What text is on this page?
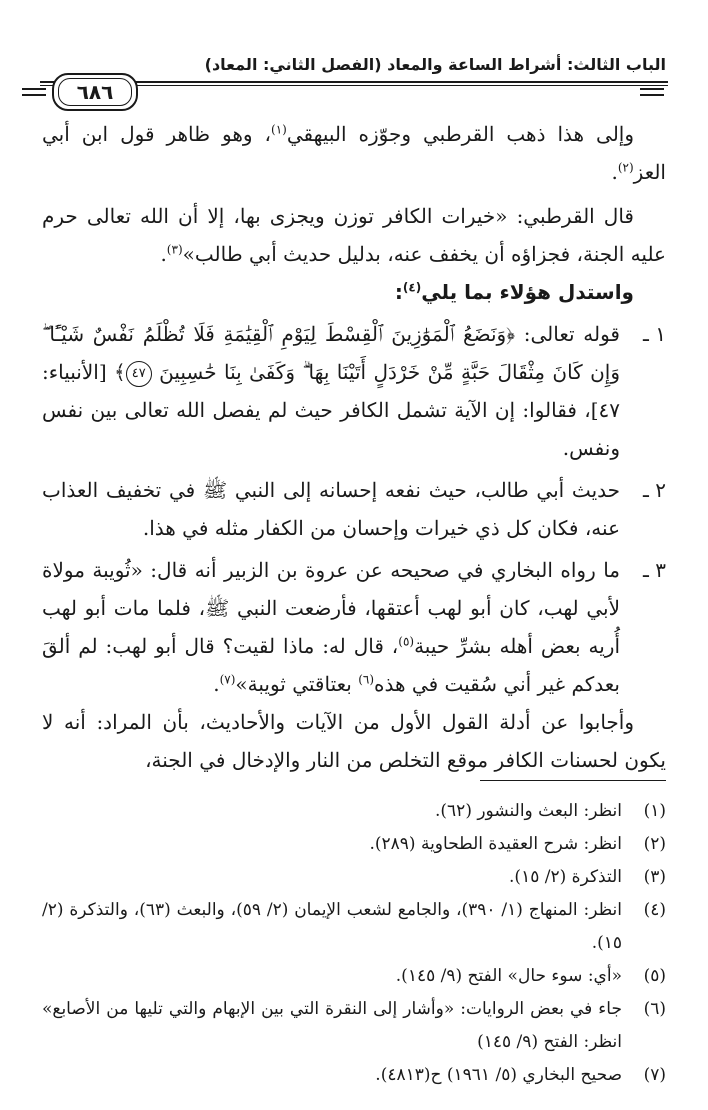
الباب الثالث: أشراط الساعة والمعاد (الفصل الثاني: المعاد)
٦٨٦

وإلى هذا ذهب القرطبي وجوّزه البيهقي$^{(١)}$، وهو ظاهر قول ابن أبي العز$^{(٢)}$.

قال القرطبي: «خيرات الكافر توزن ويجزى بها، إلا أن الله تعالى حرم عليه الجنة، فجزاؤه أن يخفف عنه، بدليل حديث أبي طالب»$^{(٣)}$.

واستدل هؤلاء بما يلي$^{(٤)}$:

١ ـ
قوله تعالى: ﴿وَنَضَعُ ٱلْمَوَٰزِينَ ٱلْقِسْطَ لِيَوْمِ ٱلْقِيَٰمَةِ فَلَا تُظْلَمُ نَفْسٌ شَيْـًٔا ۖ وَإِن كَانَ مِثْقَالَ حَبَّةٍ مِّنْ خَرْدَلٍ أَتَيْنَا بِهَا ۗ وَكَفَىٰ بِنَا حَٰسِبِينَ ٤٧﴾ [الأنبياء: ٤٧]، فقالوا: إن الآية تشمل الكافر حيث لم يفصل الله تعالى بين نفس ونفس.

٢ ـ
حديث أبي طالب، حيث نفعه إحسانه إلى النبي ﷺ في تخفيف العذاب عنه، فكان كل ذي خيرات وإحسان من الكفار مثله في هذا.

٣ ـ
ما رواه البخاري في صحيحه عن عروة بن الزبير أنه قال: «ثُويبة مولاة لأبي لهب، كان أبو لهب أعتقها، فأرضعت النبي ﷺ، فلما مات أبو لهب أُريه بعض أهله بشرِّ حيبة$^{(٥)}$، قال له: ماذا لقيت؟ قال أبو لهب: لم ألقَ بعدكم غير أني سُقيت في هذه$^{(٦)}$ بعتاقتي ثويبة»$^{(٧)}$.

وأجابوا عن أدلة القول الأول من الآيات والأحاديث، بأن المراد: أنه لا يكون لحسنات الكافر موقع التخلص من النار والإدخال في الجنة،

(١)
انظر: البعث والنشور (٦٢).
(٢)
انظر: شرح العقيدة الطحاوية (٢٨٩).
(٣)
التذكرة (٢/ ١٥).
(٤)
انظر: المنهاج (١/ ٣٩٠)، والجامع لشعب الإيمان (٢/ ٥٩)، والبعث (٦٣)، والتذكرة (٢/ ١٥).
(٥)
«أي: سوء حال» الفتح (٩/ ١٤٥).
(٦)
جاء في بعض الروايات: «وأشار إلى النقرة التي بين الإبهام والتي تليها من الأصابع» انظر: الفتح (٩/ ١٤٥)
(٧)
صحيح البخاري (٥/ ١٩٦١) ح(٤٨١٣).
